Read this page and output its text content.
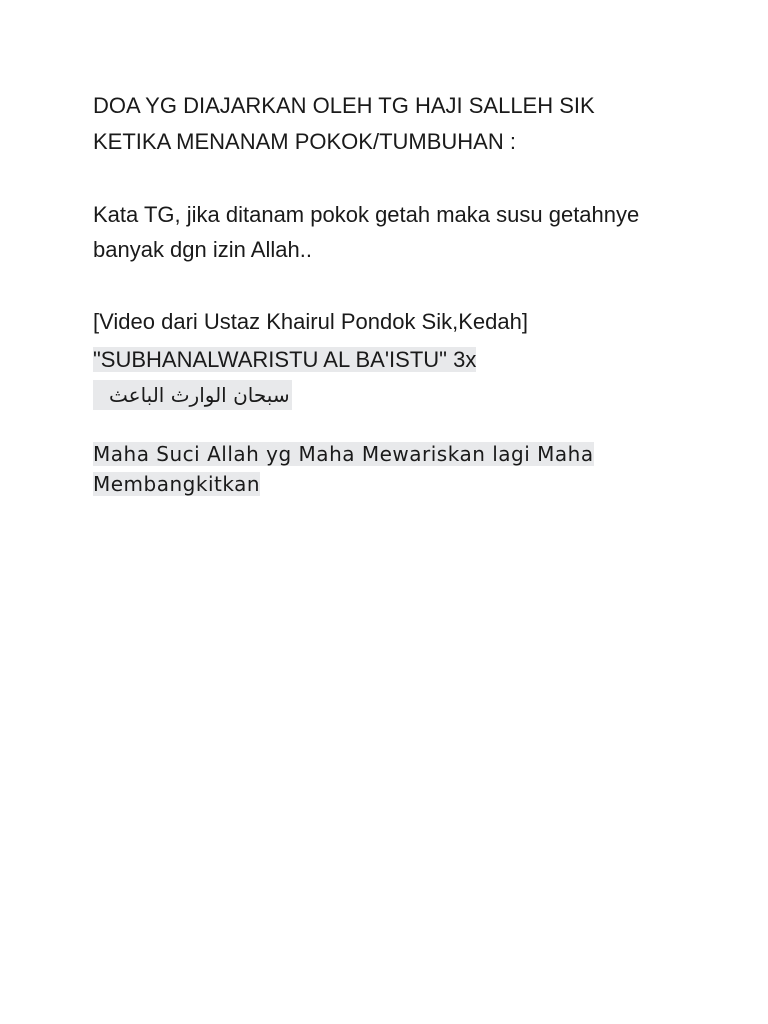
DOA YG DIAJARKAN OLEH TG HAJI SALLEH SIK
KETIKA MENANAM POKOK/TUMBUHAN :

Kata TG, jika ditanam pokok getah maka susu getahnye
banyak dgn izin Allah..

[Video dari Ustaz Khairul Pondok Sik,Kedah]

"SUBHANALWARISTU AL BA'ISTU" 3x

سبحان الوارث الباعث

Maha Suci Allah yg Maha Mewariskan lagi Maha
Membangkitkan
